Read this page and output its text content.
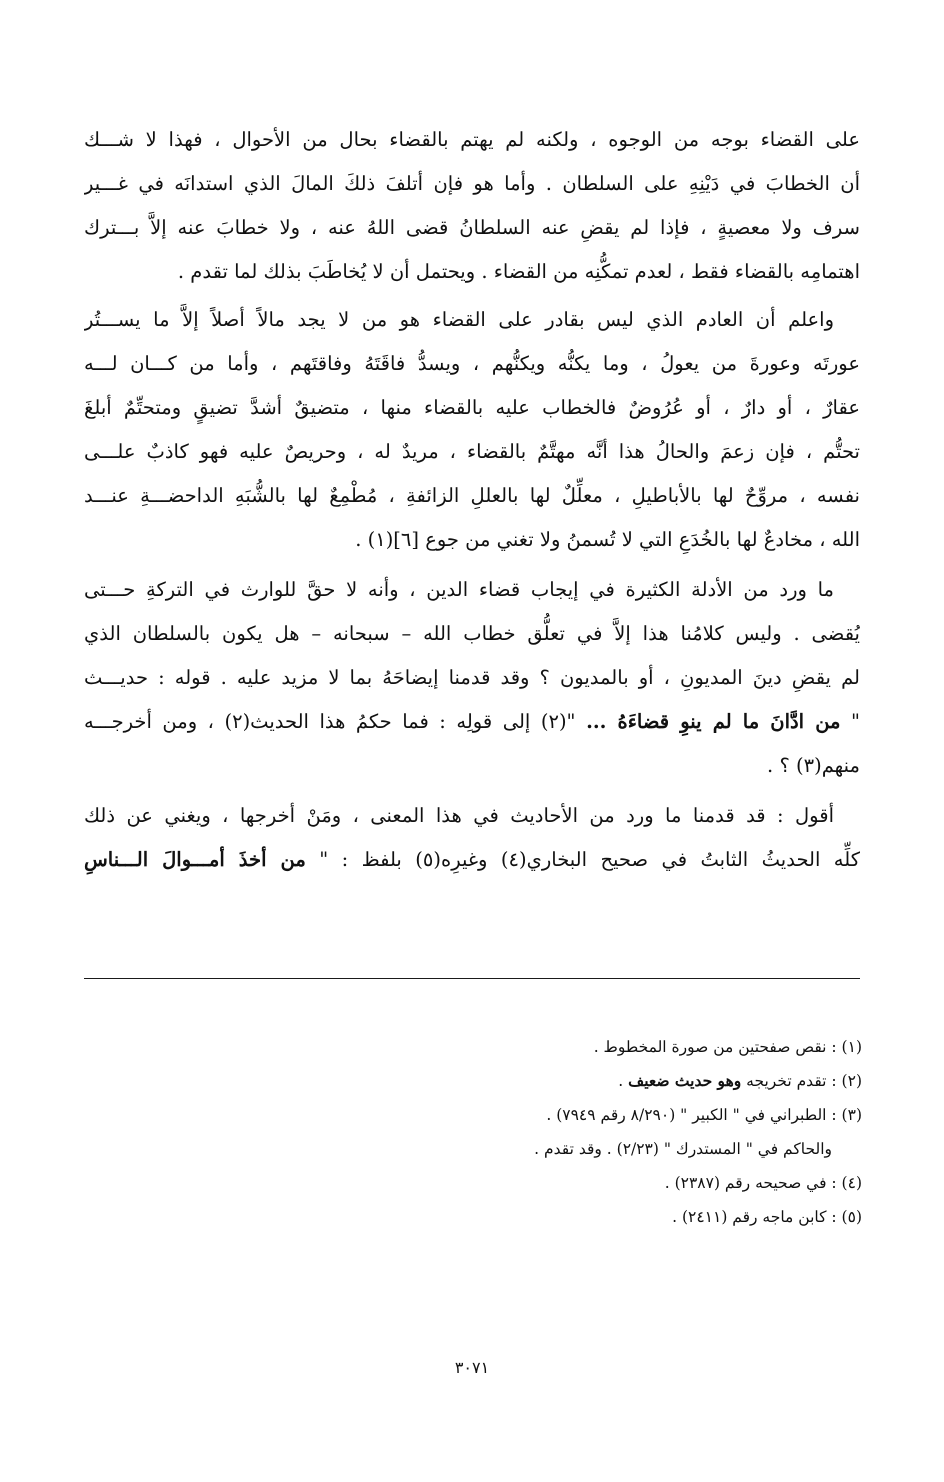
على القضاء بوجه من الوجوه ، ولكنه لم يهتم بالقضاء بحال من الأحوال ، فهذا لا شـــك
أن الخطابَ في دَيْنِهِ على السلطان . وأما هو فإن أتلفَ ذلكَ المالَ الذي استدانَه في غـــير
سرف ولا معصيةٍ ، فإذا لم يقضِ عنه السلطانُ قضى اللهُ عنه ، ولا خطابَ عنه إلاَّ بـــترك
اهتمامِه بالقضاء فقط ، لعدم تمكُّنِه من القضاء . ويحتمل أن لا يُخاطَبَ بذلك لما تقدم .
واعلم أن العادم الذي ليس بقادر على القضاء هو من لا يجد مالاً أصلاً إلاَّ ما يســـتُر
عورتَه وعورةَ من يعولُ ، وما يكنُّه ويكنُّهم ، ويسدُّ فاقَتَهُ وفاقتَهم ، وأما من كـــان لـــه
عقارٌ ، أو دارٌ ، أو عُرُوضٌ فالخطاب عليه بالقضاء منها ، متضيقٌ أشدَّ تضيقٍ ومتحتِّمٌ أبلغَ
تحتُّم ، فإن زعمَ والحالُ هذا أنَّه مهتَّمٌ بالقضاء ، مريدٌ له ، وحريصٌ عليه فهو كاذبٌ علـــى
نفسه ، مروِّحٌ لها بالأباطيلِ ، معلِّلٌ لها بالعللِ الزائفةِ ، مُطْمِعٌ لها بالشُّبَهِ الداحضـــةِ عنـــد
الله ، مخادعٌ لها بالخُدَعِ التي لا تُسمنُ ولا تغني من جوع [٦](١) .
ما ورد من الأدلة الكثيرة في إيجاب قضاء الدين ، وأنه لا حقَّ للوارث في التركةِ حـــتى
يُقضى . وليس كلامُنا هذا إلاَّ في تعلُّق خطاب الله – سبحانه – هل يكون بالسلطان الذي
لم يقضِ دينَ المديونِ ، أو بالمديون ؟ وقد قدمنا إيضاحَهُ بما لا مزيد عليه . قوله : حديـــث
" من ادَّانَ ما لم ينوِ قضاءَهُ ... "(٢) إلى قولِه : فما حكمُ هذا الحديث(٢) ، ومن أخرجـــه
منهم(٣) ؟ .
أقول : قد قدمنا ما ورد من الأحاديث في هذا المعنى ، ومَنْ أخرجها ، ويغني عن ذلك
كلِّه الحديثُ الثابتُ في صحيح البخاري(٤) وغيرِه(٥) بلفظ : " من أخذَ أمـــوالَ الـــناسِ
(١) : نقص صفحتين من صورة المخطوط .
(٢) : تقدم تخريجه وهو حديث ضعيف .
(٣) : الطبراني في " الكبير " (٨/٢٩٠ رقم ٧٩٤٩) .
والحاكم في " المستدرك " (٢/٢٣) . وقد تقدم .
(٤) : في صحيحه رقم (٢٣٨٧) .
(٥) : كابن ماجه رقم (٢٤١١) .
٣٠٧١
